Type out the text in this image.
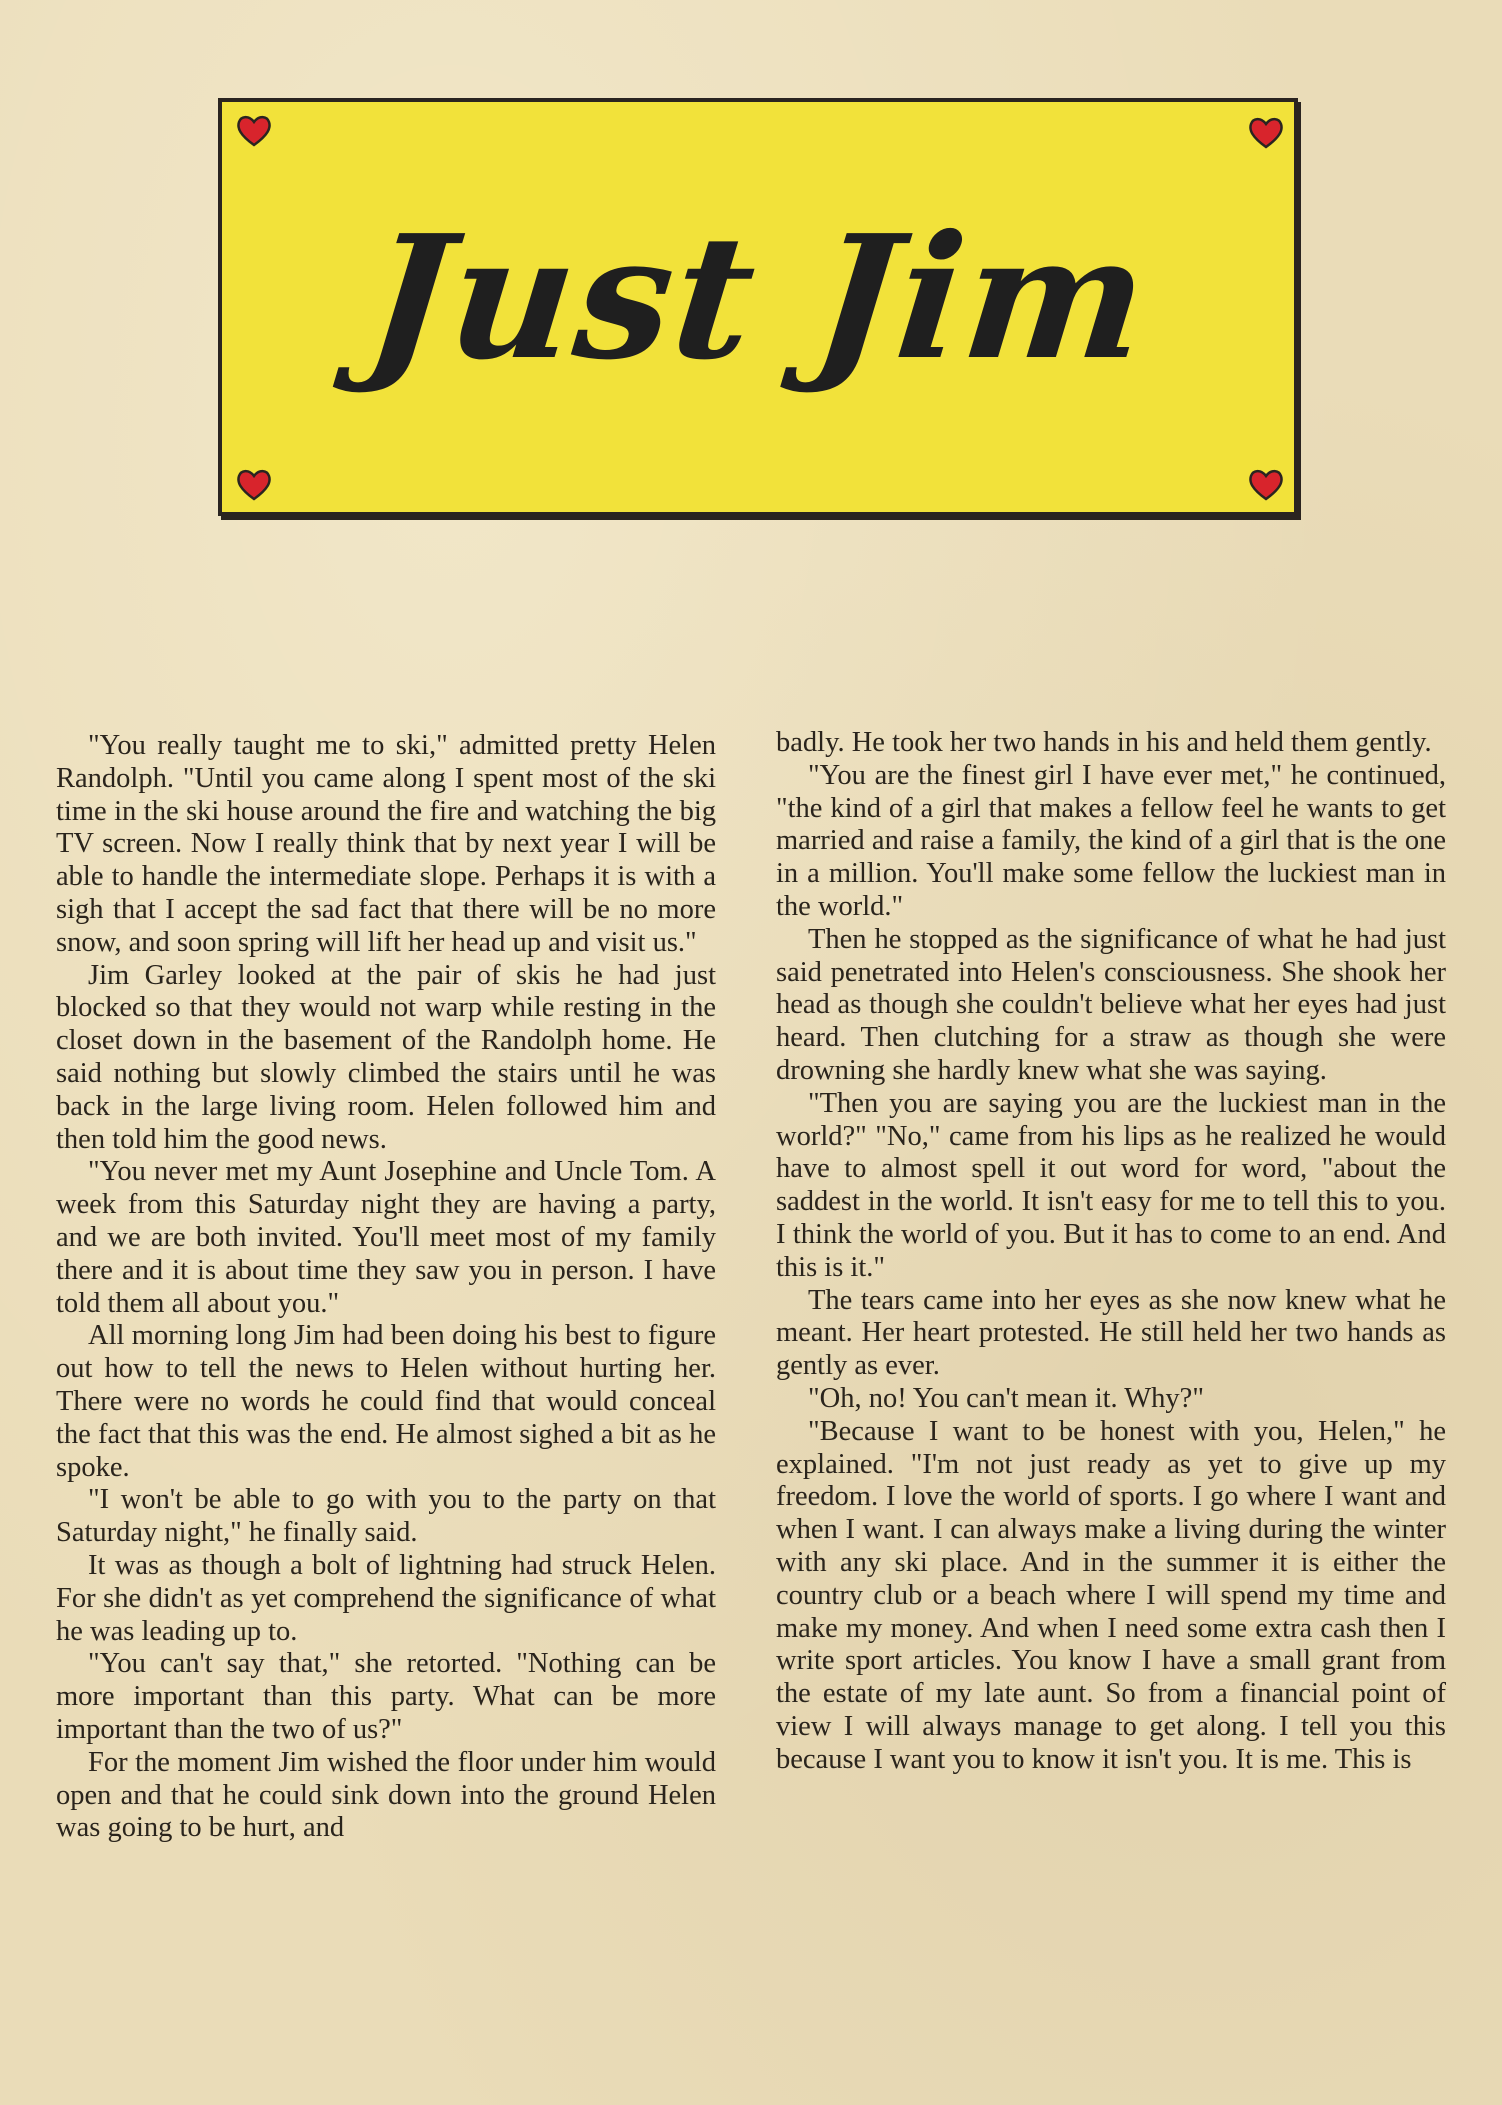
Just Jim

"You really taught me to ski," admitted pretty Helen Randolph. "Until you came along I spent most of the ski time in the ski house around the fire and watching the big TV screen. Now I really think that by next year I will be able to handle the intermediate slope. Perhaps it is with a sigh that I accept the sad fact that there will be no more snow, and soon spring will lift her head up and visit us."

Jim Garley looked at the pair of skis he had just blocked so that they would not warp while resting in the closet down in the basement of the Randolph home. He said nothing but slowly climbed the stairs until he was back in the large living room. Helen followed him and then told him the good news.

"You never met my Aunt Josephine and Uncle Tom. A week from this Saturday night they are having a party, and we are both invited. You'll meet most of my family there and it is about time they saw you in person. I have told them all about you."

All morning long Jim had been doing his best to figure out how to tell the news to Helen without hurting her. There were no words he could find that would conceal the fact that this was the end. He almost sighed a bit as he spoke.

"I won't be able to go with you to the party on that Saturday night," he finally said.

It was as though a bolt of lightning had struck Helen. For she didn't as yet comprehend the significance of what he was leading up to.

"You can't say that," she retorted. "Nothing can be more important than this party. What can be more important than the two of us?"

For the moment Jim wished the floor under him would open and that he could sink down into the ground Helen was going to be hurt, and

badly. He took her two hands in his and held them gently.

"You are the finest girl I have ever met," he continued, "the kind of a girl that makes a fellow feel he wants to get married and raise a family, the kind of a girl that is the one in a million. You'll make some fellow the luckiest man in the world."

Then he stopped as the significance of what he had just said penetrated into Helen's consciousness. She shook her head as though she couldn't believe what her eyes had just heard. Then clutching for a straw as though she were drowning she hardly knew what she was saying.

"Then you are saying you are the luckiest man in the world?" "No," came from his lips as he realized he would have to almost spell it out word for word, "about the saddest in the world. It isn't easy for me to tell this to you. I think the world of you. But it has to come to an end. And this is it."

The tears came into her eyes as she now knew what he meant. Her heart protested. He still held her two hands as gently as ever.

"Oh, no! You can't mean it. Why?"

"Because I want to be honest with you, Helen," he explained. "I'm not just ready as yet to give up my freedom. I love the world of sports. I go where I want and when I want. I can always make a living during the winter with any ski place. And in the summer it is either the country club or a beach where I will spend my time and make my money. And when I need some extra cash then I write sport articles. You know I have a small grant from the estate of my late aunt. So from a financial point of view I will always manage to get along. I tell you this because I want you to know it isn't you. It is me. This is
